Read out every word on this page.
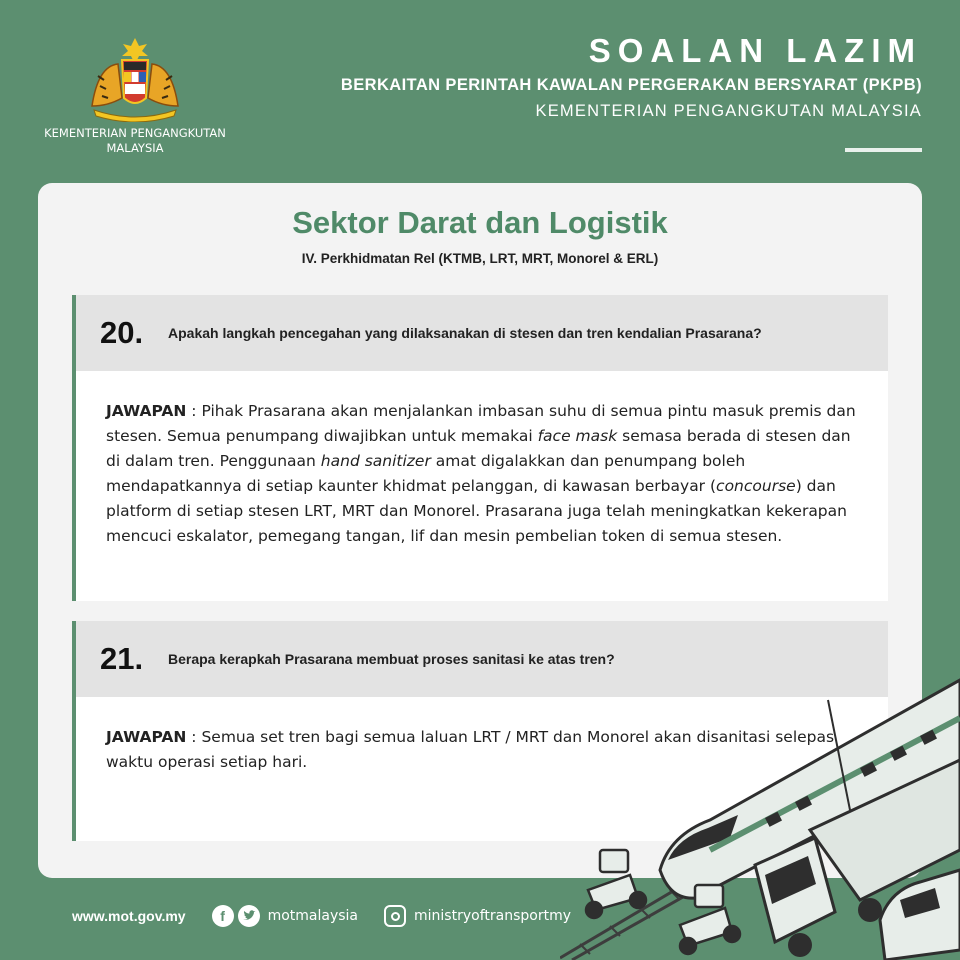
KEMENTERIAN PENGANGKUTAN
MALAYSIA
SOALAN LAZIM
BERKAITAN PERINTAH KAWALAN PERGERAKAN BERSYARAT (PKPB)
KEMENTERIAN PENGANGKUTAN MALAYSIA
Sektor Darat dan Logistik
IV. Perkhidmatan Rel (KTMB, LRT, MRT, Monorel & ERL)
20.	Apakah langkah pencegahan yang dilaksanakan di stesen dan tren kendalian Prasarana?

JAWAPAN : Pihak Prasarana akan menjalankan imbasan suhu di semua pintu masuk premis dan stesen. Semua penumpang diwajibkan untuk memakai face mask semasa berada di stesen dan di dalam tren. Penggunaan hand sanitizer amat digalakkan dan penumpang boleh mendapatkannya di setiap kaunter khidmat pelanggan, di kawasan berbayar (concourse) dan platform di setiap stesen LRT, MRT dan Monorel. Prasarana juga telah meningkatkan kekerapan mencuci eskalator, pemegang tangan, lif dan mesin pembelian token di semua stesen.

21.	Berapa kerapkah Prasarana membuat proses sanitasi ke atas tren?

JAWAPAN : Semua set tren bagi semua laluan LRT / MRT dan Monorel akan disanitasi selepas waktu operasi setiap hari.

www.mot.gov.my	f	motmalaysia	ministryoftransportmy
